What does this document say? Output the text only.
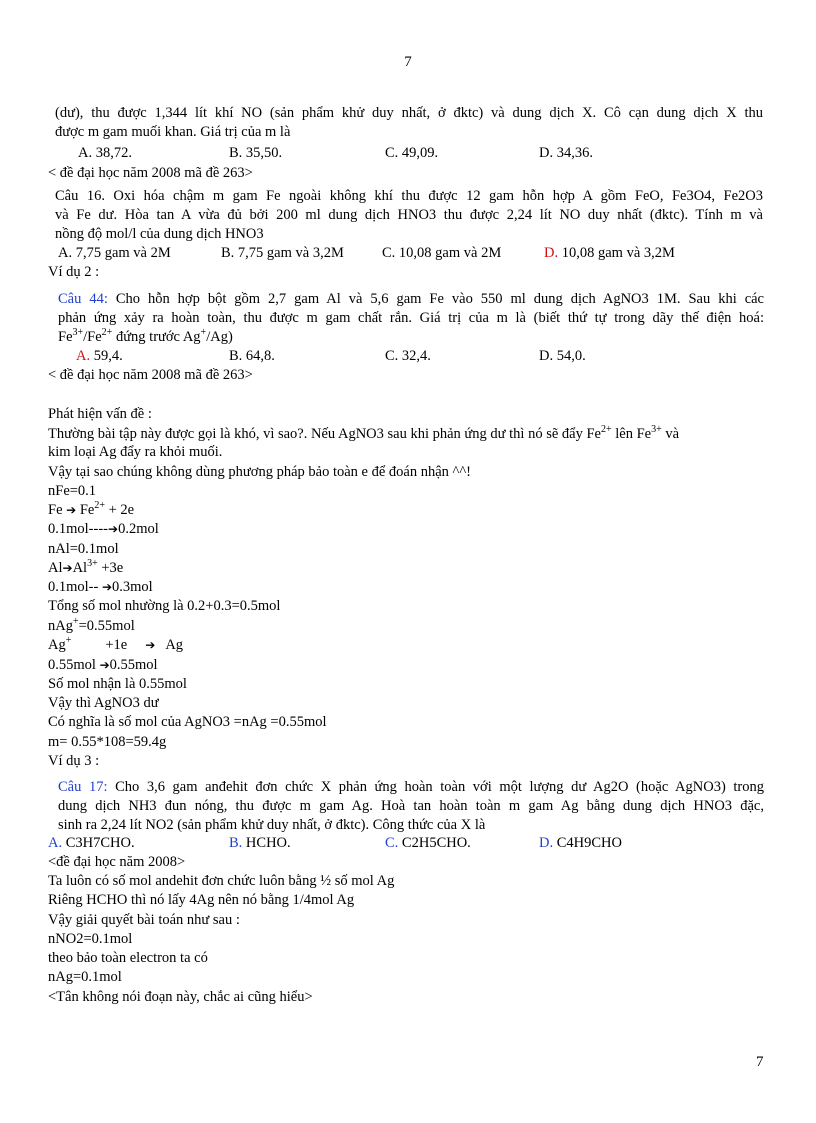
7
(dư), thu được 1,344 lít khí NO (sản phẩm khử duy nhất, ở đktc) và dung dịch X. Cô cạn dung dịch X thu
được m gam muối khan. Giá trị của m là
A. 38,72.	B. 35,50.	C. 49,09.	D. 34,36.
< đề đại học năm 2008 mã đề 263>
Câu 16. Oxi hóa chậm m gam Fe ngoài không khí thu được 12 gam hỗn hợp A gồm FeO, Fe3O4, Fe2O3
và Fe dư. Hòa tan A vừa đủ bởi 200 ml dung dịch HNO3 thu được 2,24 lít NO duy nhất (đktc). Tính m và
nồng độ mol/l của dung dịch HNO3
A. 7,75 gam và 2M	B. 7,75 gam và 3,2M	C. 10,08 gam và 2M	D. 10,08 gam và 3,2M
Ví dụ 2 :
Câu 44: Cho hỗn hợp bột gồm 2,7 gam Al và 5,6 gam Fe vào 550 ml dung dịch AgNO3 1M. Sau khi các
phản ứng xảy ra hoàn toàn, thu được m gam chất rắn. Giá trị của m là (biết thứ tự trong dãy thế điện hoá:
$Fe^{3+}/Fe^{2+}$ đứng trước Ag+/Ag)
A. 59,4.	B. 64,8.	C. 32,4.	D. 54,0.
< đề đại học năm 2008 mã đề 263>
Phát hiện vấn đề :
Thường bài tập này được gọi là khó, vì sao?. Nếu AgNO3 sau khi phản ứng dư thì nó sẽ đẩy $Fe^{2+}$ lên $Fe^{3+}$ và
kim loại Ag đẩy ra khỏi muối.
Vậy tại sao chúng không dùng phương pháp bảo toàn e để đoán nhận ^^!
nFe=0.1
Fe ➔ $Fe^{2+} + 2e$
0.1mol----➔0.2mol
nAl=0.1mol
$Al➔Al^{3+} +3e$
0.1mol-- ➔0.3mol
Tổng số mol nhường là 0.2+0.3=0.5mol
nAg+=0.55mol
Ag+ +1e ➔ Ag
0.55mol ➔0.55mol
Số mol nhận là 0.55mol
Vậy thì AgNO3 dư
Có nghĩa là số mol của AgNO3 =nAg =0.55mol
m= 0.55*108=59.4g
Ví dụ 3 :
Câu 17: Cho 3,6 gam anđehit đơn chức X phản ứng hoàn toàn với một lượng dư Ag2O (hoặc AgNO3) trong
dung dịch NH3 đun nóng, thu được m gam Ag. Hoà tan hoàn toàn m gam Ag bằng dung dịch HNO3 đặc,
sinh ra 2,24 lít NO2 (sản phẩm khử duy nhất, ở đktc). Công thức của X là
A. C3H7CHO.	B. HCHO.	C. C2H5CHO.	D. C4H9CHO
<đề đại học năm 2008>
Ta luôn có số mol andehit đơn chức luôn bằng ½ số mol Ag
Riêng HCHO thì nó lấy 4Ag nên nó bằng 1/4mol Ag
Vậy giải quyết bài toán như sau :
nNO2=0.1mol
theo bảo toàn electron ta có
nAg=0.1mol
<Tân không nói đoạn này, chắc ai cũng hiểu>
7
